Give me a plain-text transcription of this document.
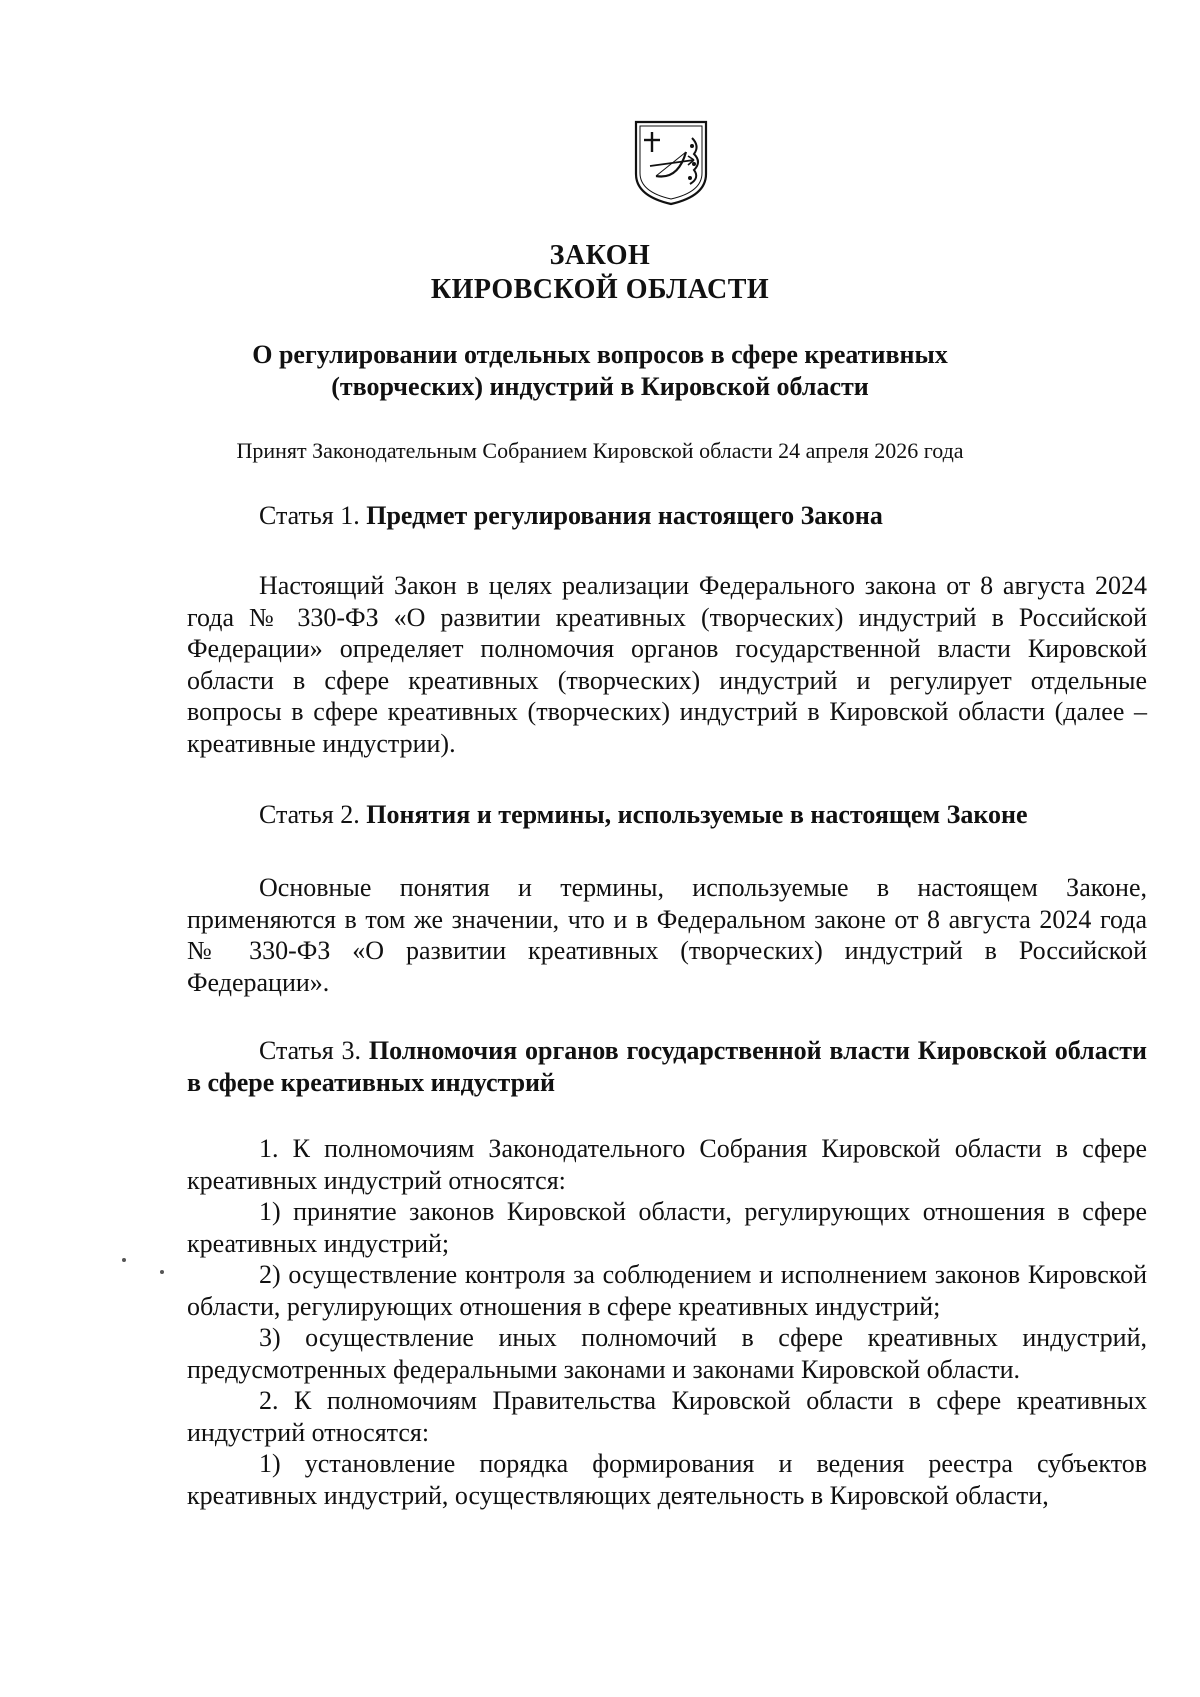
ЗАКОН
КИРОВСКОЙ ОБЛАСТИ
О регулировании отдельных вопросов в сфере креативных
(творческих) индустрий в Кировской области
Принят Законодательным Собранием Кировской области 24 апреля 2026 года
Статья 1. Предмет регулирования настоящего Закона

Настоящий Закон в целях реализации Федерального закона от 8 августа 2024 года № 330-ФЗ «О развитии креативных (творческих) индустрий в Российской Федерации» определяет полномочия органов государственной власти Кировской области в сфере креативных (творческих) индустрий и регулирует отдельные вопросы в сфере креативных (творческих) индустрий в Кировской области (далее – креативные индустрии).

Статья 2. Понятия и термины, используемые в настоящем Законе

Основные понятия и термины, используемые в настоящем Законе, применяются в том же значении, что и в Федеральном законе от 8 августа 2024 года № 330-ФЗ «О развитии креативных (творческих) индустрий в Российской Федерации».

Статья 3. Полномочия органов государственной власти Кировской области в сфере креативных индустрий

1. К полномочиям Законодательного Собрания Кировской области в сфере креативных индустрий относятся:

1) принятие законов Кировской области, регулирующих отношения в сфере креативных индустрий;

2) осуществление контроля за соблюдением и исполнением законов Кировской области, регулирующих отношения в сфере креативных индустрий;

3) осуществление иных полномочий в сфере креативных индустрий, предусмотренных федеральными законами и законами Кировской области.

2. К полномочиям Правительства Кировской области в сфере креативных индустрий относятся:

1) установление порядка формирования и ведения реестра субъектов креативных индустрий, осуществляющих деятельность в Кировской области,
